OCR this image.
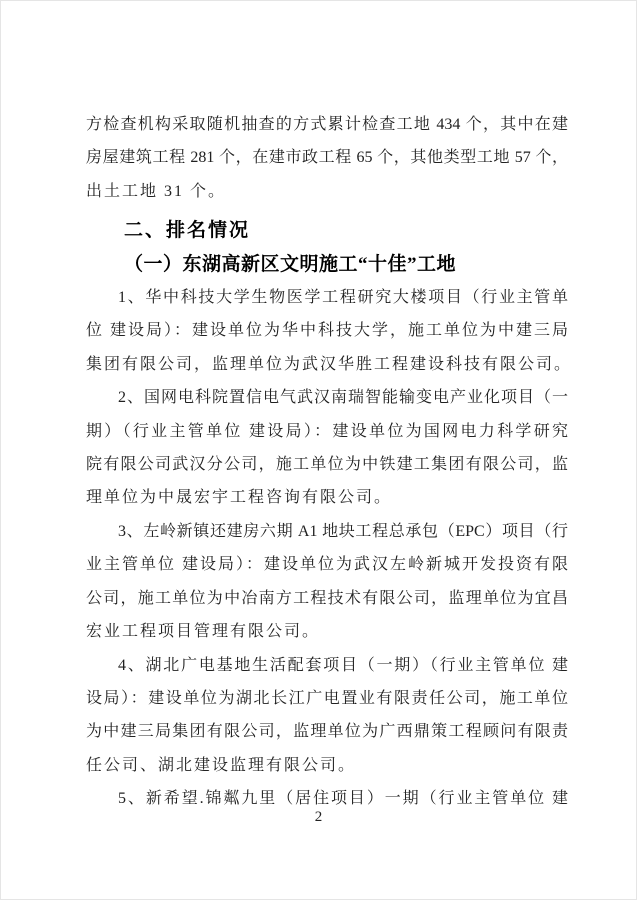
方检查机构采取随机抽查的方式累计检查工地 434 个，其中在建
房屋建筑工程 281 个，在建市政工程 65 个，其他类型工地 57 个，
出土工地 31 个。
二、排名情况
（一）东湖高新区文明施工“十佳”工地
1、华中科技大学生物医学工程研究大楼项目（行业主管单
位 建设局）：建设单位为华中科技大学，施工单位为中建三局
集团有限公司，监理单位为武汉华胜工程建设科技有限公司。
2、国网电科院置信电气武汉南瑞智能输变电产业化项目（一
期）（行业主管单位 建设局）：建设单位为国网电力科学研究
院有限公司武汉分公司，施工单位为中铁建工集团有限公司，监
理单位为中晟宏宇工程咨询有限公司。
3、左岭新镇还建房六期 A1 地块工程总承包（EPC）项目（行
业主管单位 建设局）：建设单位为武汉左岭新城开发投资有限
公司，施工单位为中冶南方工程技术有限公司，监理单位为宜昌
宏业工程项目管理有限公司。
4、湖北广电基地生活配套项目（一期）（行业主管单位 建
设局）：建设单位为湖北长江广电置业有限责任公司，施工单位
为中建三局集团有限公司，监理单位为广西鼎策工程顾问有限责
任公司、湖北建设监理有限公司。
5、新希望.锦粼九里（居住项目）一期（行业主管单位 建
2
